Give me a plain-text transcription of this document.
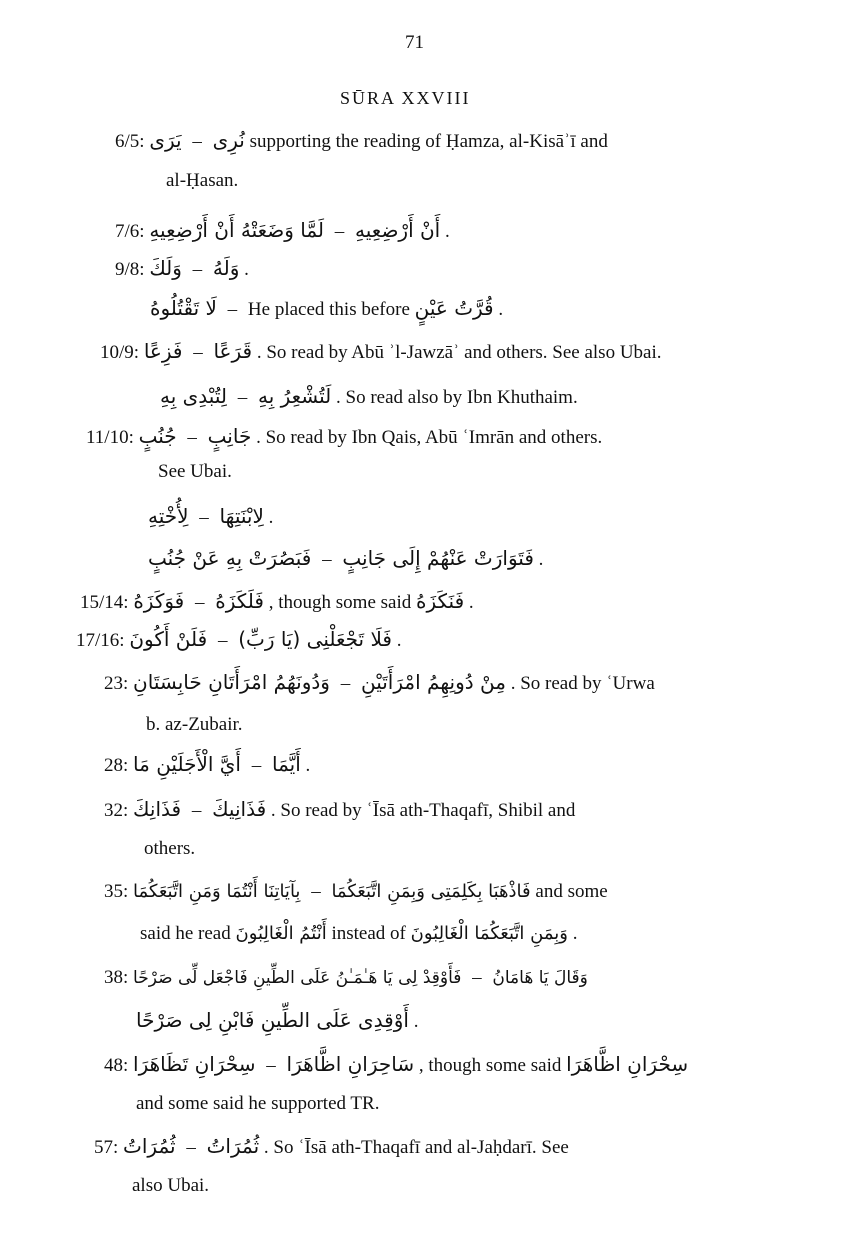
71
SŪRA XXVIII
6/5: يَرَى – نُرِى supporting the reading of Ḥamza, al-Kisāʾī and
al-Ḥasan.
7/6: لَمَّا وَضَعَتْهُ أَنْ أَرْضِعِيهِ – أَنْ أَرْضِعِيهِ .
9/8: وَلَكَ – وَلَهُ .
لَا تَقْتُلُوهُ – He placed this before قُرَّتُ عَيْنٍ .
10/9: فَزِعًا – قَرَعًا . So read by Abū ʾl-Jawzāʾ and others. See also Ubai.
لِتُبْدِى بِهِ – لَتُشْعِرُ بِهِ . So read also by Ibn Khuthaim.
11/10: جُنُبٍ – جَانِبٍ . So read by Ibn Qais, Abū ʿImrān and others.
See Ubai.
لِأُخْتِهِ – لِابْنَتِهَا .
فَبَصُرَتْ بِهِ عَنْ جُنُبٍ – فَتَوَارَتْ عَنْهُمْ إِلَى جَانِبٍ .
15/14: فَوَكَزَهُ – فَلَكَزَهُ , though some said فَنَكَزَهُ .
17/16: فَلَنْ أَكُونَ – فَلَا تَجْعَلْنِى (يَا رَبِّ) .
23: وَدُونَهُمُ امْرَأَتَانِ حَابِسَتَانِ – مِنْ دُونِهِمُ امْرَأَتَيْنِ . So read by ʿUrwa
b. az-Zubair.
28: أَيَّ الْأَجَلَيْنِ مَا – أَيَّمَا .
32: فَذَانِكَ – فَذَانِيكَ . So read by ʿĪsā ath-Thaqafī, Shibil and
others.
35: بِآيَاتِنَا أَنْتُمَا وَمَنِ اتَّبَعَكُمَا – فَاذْهَبَا بِكَلِمَتِى وَبِمَنِ اتَّبَعَكُمَا and some
said he read أَنْتُمُ الْغَالِبُونَ instead of وَبِمَنِ اتَّبَعَكُمَا الْغَالِبُونَ .
38: فَأَوْقِدْ لِى يَا هَـٰمَـٰنُ عَلَى الطِّينِ فَاجْعَل لِّى صَرْحًا – وَقَالَ يَا هَامَانُ
أَوْقِدِى عَلَى الطِّينِ فَابْنِ لِى صَرْحًا .
48: سِحْرَانِ تَظَاهَرَا – سَاحِرَانِ اظَّاهَرَا , though some said سِحْرَانِ اظَّاهَرَا
and some said he supported TR.
57: ثُمُرَاتُ – ثُمُرَاتُ . So ʿĪsā ath-Thaqafī and al-Jaḥdarī. See
also Ubai.
